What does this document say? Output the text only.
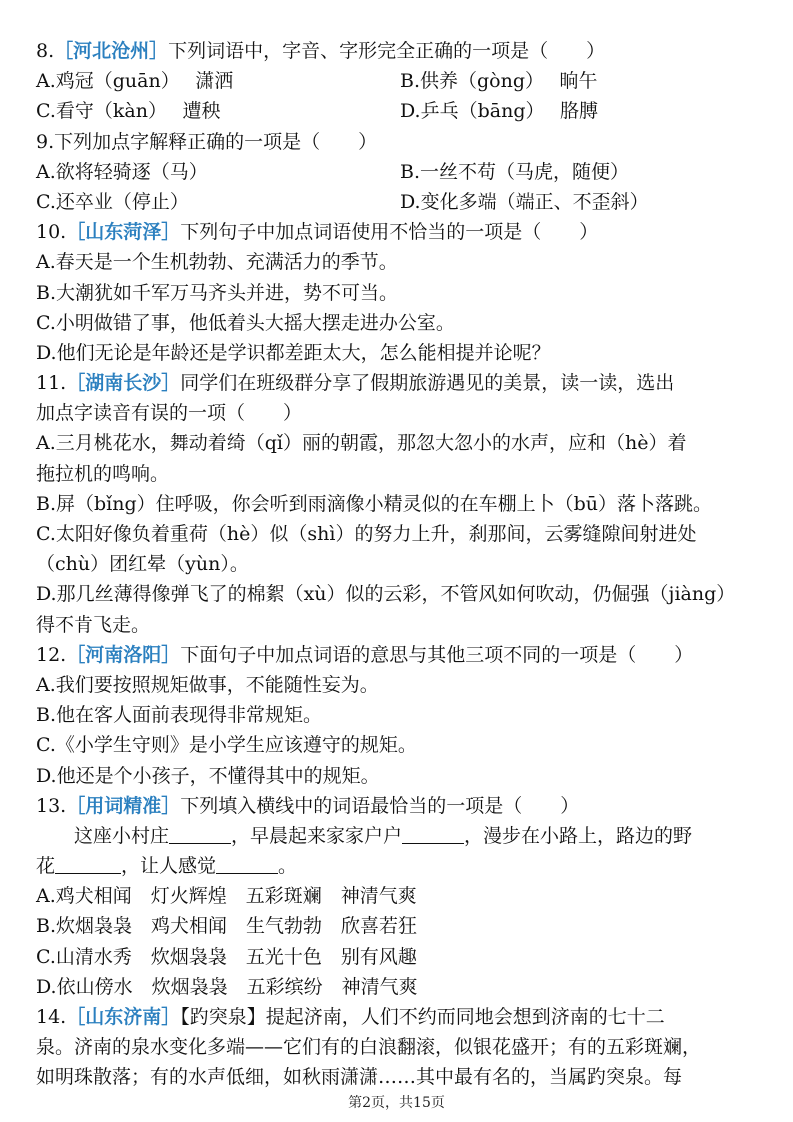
8.［河北沧州］下列词语中，字音、字形完全正确的一项是（　　）
A.鸡冠（guān）　 潇洒	B.供养（gòng）　 晌午
C.看守（kàn）　 遭秧	D.乒乓（bāng）　 胳膊
9.下列加点字解释正确的一项是（　　）
A.欲将轻骑逐（马）	B.一丝不苟（马虎，随便）
C.还卒业（停止）	D.变化多端（端正、不歪斜）
10.［山东菏泽］下列句子中加点词语使用不恰当的一项是（　　）
A.春天是一个生机勃勃、充满活力的季节。
B.大潮犹如千军万马齐头并进，势不可当。
C.小明做错了事，他低着头大摇大摆走进办公室。
D.他们无论是年龄还是学识都差距太大，怎么能相提并论呢？
11.［湖南长沙］同学们在班级群分享了假期旅游遇见的美景，读一读，选出
加点字读音有误的一项（　　）
A.三月桃花水，舞动着绮（qǐ）丽的朝霞，那忽大忽小的水声，应和（hè）着
拖拉机的鸣响。
B.屏（bǐng）住呼吸，你会听到雨滴像小精灵似的在车棚上卜（bū）落卜落跳。
C.太阳好像负着重荷（hè）似（shì）的努力上升，刹那间，云雾缝隙间射进处
（chù）团红晕（yùn）。
D.那几丝薄得像弹飞了的棉絮（xù）似的云彩，不管风如何吹动，仍倔强（jiàng）
得不肯飞走。
12.［河南洛阳］下面句子中加点词语的意思与其他三项不同的一项是（　　）
A.我们要按照规矩做事，不能随性妄为。
B.他在客人面前表现得非常规矩。
C.《小学生守则》是小学生应该遵守的规矩。
D.他还是个小孩子，不懂得其中的规矩。
13.［用词精准］下列填入横线中的词语最恰当的一项是（　　）
这座小村庄	，早晨起来家家户户	，漫步在小路上，路边的野
花	，让人感觉	。
A.鸡犬相闻　灯火辉煌　五彩斑斓　神清气爽
B.炊烟袅袅　鸡犬相闻　生气勃勃　欣喜若狂
C.山清水秀　炊烟袅袅　五光十色　别有风趣
D.依山傍水　炊烟袅袅　五彩缤纷　神清气爽
14.［山东济南］【趵突泉】提起济南，人们不约而同地会想到济南的七十二
泉。济南的泉水变化多端——它们有的白浪翻滚，似银花盛开；有的五彩斑斓，
如明珠散落；有的水声低细，如秋雨潇潇……其中最有名的，当属趵突泉。每
第2页，共15页
